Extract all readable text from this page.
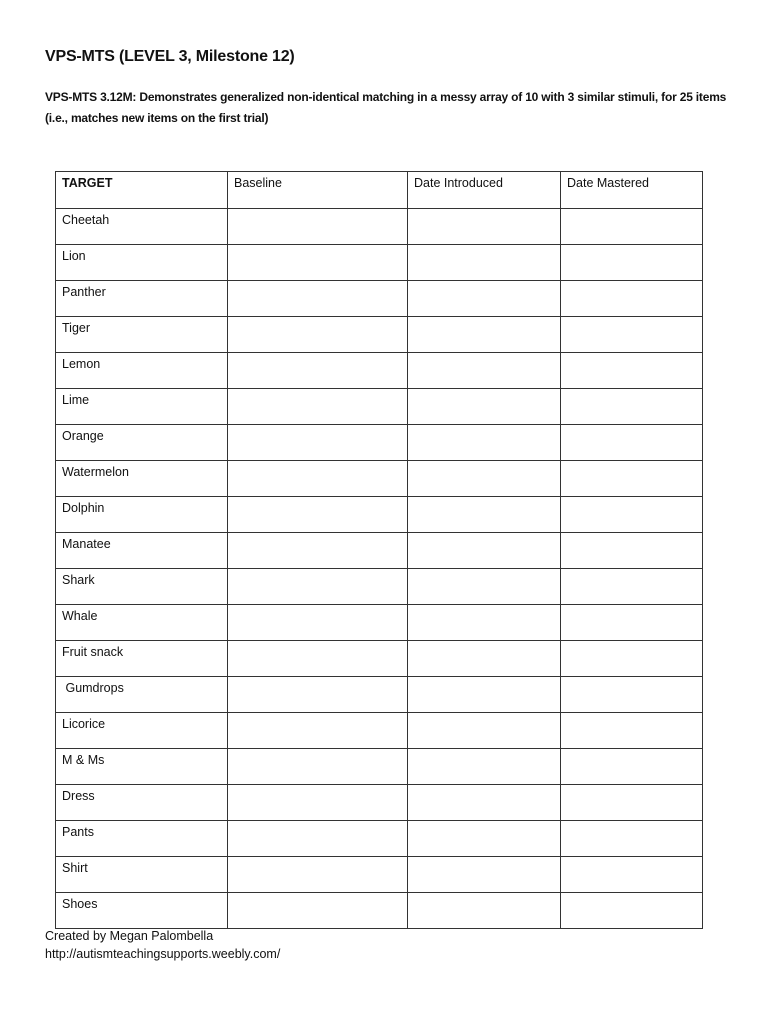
VPS-MTS (LEVEL 3, Milestone 12)
VPS-MTS 3.12M: Demonstrates generalized non-identical matching in a messy array of 10 with 3 similar stimuli, for 25 items (i.e., matches new items on the first trial)
TARGET	Baseline	Date Introduced	Date Mastered
Cheetah			
Lion			
Panther			
Tiger			
Lemon			
Lime			
Orange			
Watermelon			
Dolphin			
Manatee			
Shark			
Whale			
Fruit snack			
Gumdrops			
Licorice			
M & Ms			
Dress			
Pants			
Shirt			
Shoes			
Created by Megan Palombella
http://autismteachingsupports.weebly.com/
